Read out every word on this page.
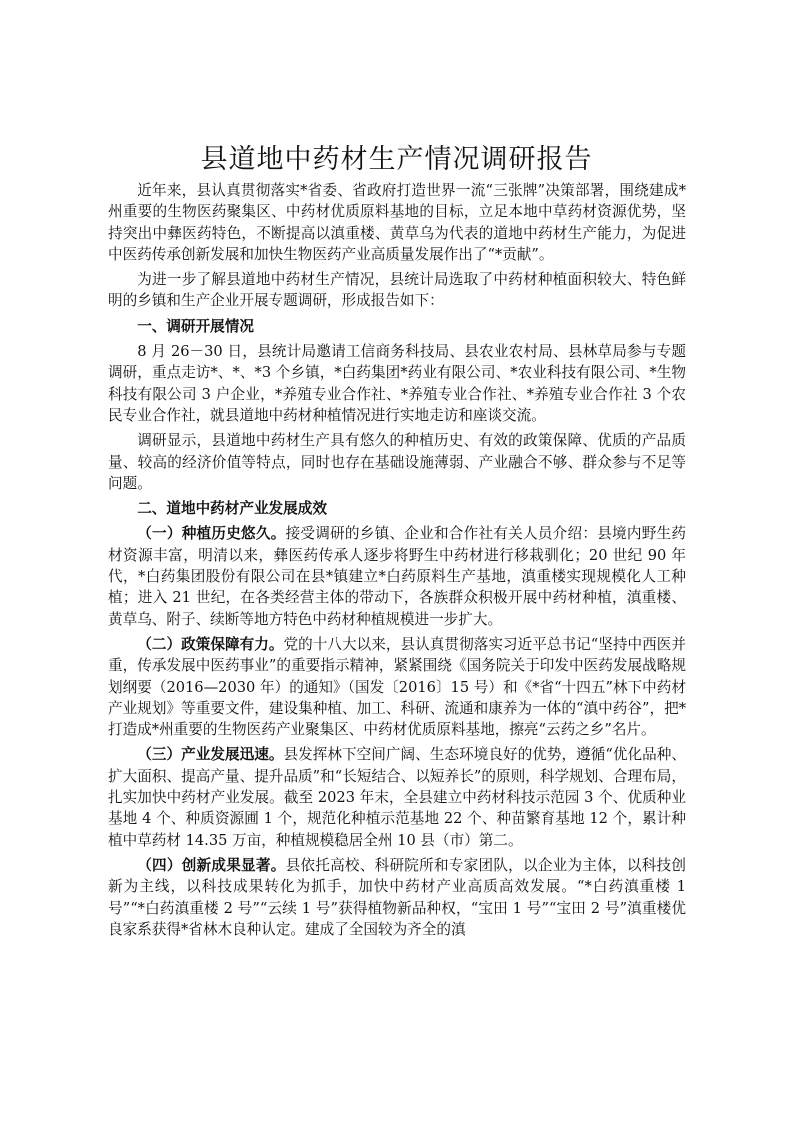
县道地中药材生产情况调研报告

近年来，县认真贯彻落实*省委、省政府打造世界一流“三张牌”决策部署，围绕建成*州重要的生物医药聚集区、中药材优质原料基地的目标，立足本地中草药材资源优势，坚持突出中彝医药特色，不断提高以滇重楼、黄草乌为代表的道地中药材生产能力，为促进中医药传承创新发展和加快生物医药产业高质量发展作出了“*贡献”。

为进一步了解县道地中药材生产情况，县统计局选取了中药材种植面积较大、特色鲜明的乡镇和生产企业开展专题调研，形成报告如下：

一、调研开展情况

8 月 26－30 日，县统计局邀请工信商务科技局、县农业农村局、县林草局参与专题调研，重点走访*、*、*3 个乡镇，*白药集团*药业有限公司、*农业科技有限公司、*生物科技有限公司 3 户企业，*养殖专业合作社、*养殖专业合作社、*养殖专业合作社 3 个农民专业合作社，就县道地中药材种植情况进行实地走访和座谈交流。

调研显示，县道地中药材生产具有悠久的种植历史、有效的政策保障、优质的产品质量、较高的经济价值等特点，同时也存在基础设施薄弱、产业融合不够、群众参与不足等问题。

二、道地中药材产业发展成效

（一）种植历史悠久。接受调研的乡镇、企业和合作社有关人员介绍：县境内野生药材资源丰富，明清以来，彝医药传承人逐步将野生中药材进行移栽驯化；20 世纪 90 年代，*白药集团股份有限公司在县*镇建立*白药原料生产基地，滇重楼实现规模化人工种植；进入 21 世纪，在各类经营主体的带动下，各族群众积极开展中药材种植，滇重楼、黄草乌、附子、续断等地方特色中药材种植规模进一步扩大。

（二）政策保障有力。党的十八大以来，县认真贯彻落实习近平总书记“坚持中西医并重，传承发展中医药事业”的重要指示精神，紧紧围绕《国务院关于印发中医药发展战略规划纲要（2016—2030 年）的通知》（国发〔2016〕15 号）和《*省“十四五”林下中药材产业规划》等重要文件，建设集种植、加工、科研、流通和康养为一体的“滇中药谷”，把*打造成*州重要的生物医药产业聚集区、中药材优质原料基地，擦亮“云药之乡”名片。

（三）产业发展迅速。县发挥林下空间广阔、生态环境良好的优势，遵循“优化品种、扩大面积、提高产量、提升品质”和“长短结合、以短养长”的原则，科学规划、合理布局，扎实加快中药材产业发展。截至 2023 年末，全县建立中药材科技示范园 3 个、优质种业基地 4 个、种质资源圃 1 个，规范化种植示范基地 22 个、种苗繁育基地 12 个，累计种植中草药材 14.35 万亩，种植规模稳居全州 10 县（市）第二。

（四）创新成果显著。县依托高校、科研院所和专家团队，以企业为主体，以科技创新为主线，以科技成果转化为抓手，加快中药材产业高质高效发展。“*白药滇重楼 1 号”“*白药滇重楼 2 号”“云续 1 号”获得植物新品种权，“宝田 1 号”“宝田 2 号”滇重楼优良家系获得*省林木良种认定。建成了全国较为齐全的滇
